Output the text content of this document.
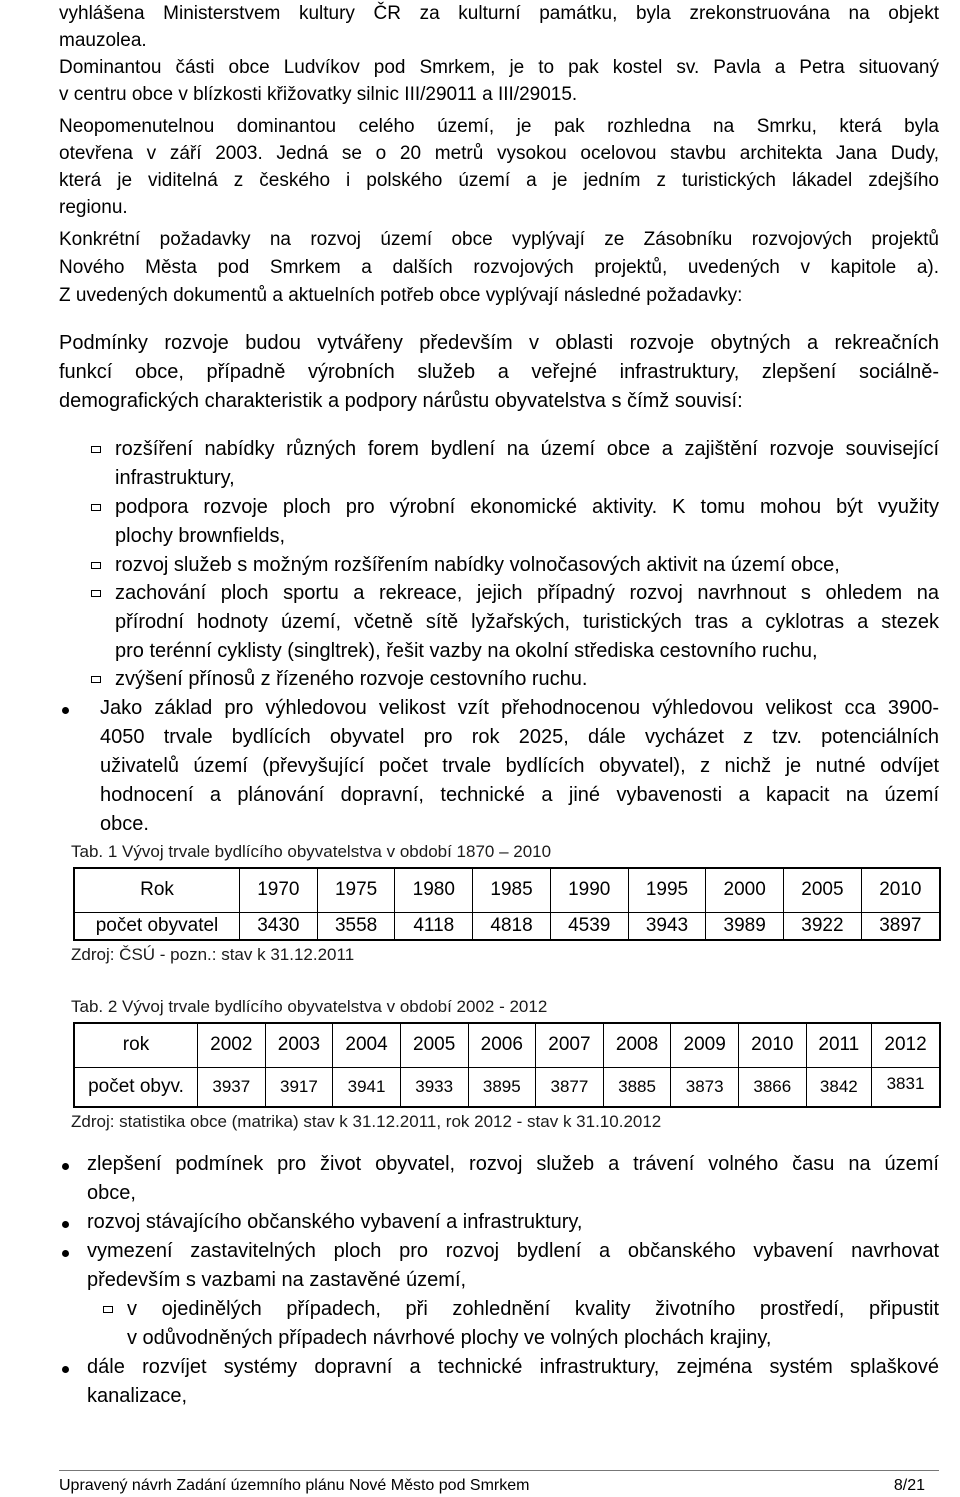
vyhlášena Ministerstvem kultury ČR za kulturní památku, byla zrekonstruována na objekt
mauzolea.
Dominantou části obce Ludvíkov pod Smrkem, je to pak kostel sv. Pavla a Petra situovaný
v centru obce v blízkosti křižovatky silnic III/29011 a III/29015.
Neopomenutelnou dominantou celého území, je pak rozhledna na Smrku, která byla
otevřena v září 2003. Jedná se o 20 metrů vysokou ocelovou stavbu architekta Jana Dudy,
která je viditelná z českého i polského území a je jedním z turistických lákadel zdejšího
regionu.
Konkrétní požadavky na rozvoj území obce vyplývají ze Zásobníku rozvojových projektů
Nového Města pod Smrkem a dalších rozvojových projektů, uvedených v kapitole a).
Z uvedených dokumentů a aktuelních potřeb obce vyplývají následné požadavky:
Podmínky rozvoje budou vytvářeny především v oblasti rozvoje obytných a rekreačních
funkcí obce, případně výrobních služeb a veřejné infrastruktury, zlepšení sociálně-
demografických charakteristik a podpory nárůstu obyvatelstva s čímž souvisí:
rozšíření nabídky různých forem bydlení na území obce a zajištění rozvoje související
infrastruktury,
podpora rozvoje ploch pro výrobní ekonomické aktivity. K tomu mohou být využity
plochy brownfields,
rozvoj služeb s možným rozšířením nabídky volnočasových aktivit na území obce,
zachování ploch sportu a rekreace, jejich případný rozvoj navrhnout s ohledem na
přírodní hodnoty území, včetně sítě lyžařských, turistických tras a cyklotras a stezek
pro terénní cyklisty (singltrek), řešit vazby na okolní střediska cestovního ruchu,
zvýšení přínosů z řízeného rozvoje cestovního ruchu.
Jako základ pro výhledovou velikost vzít přehodnocenou výhledovou velikost cca 3900-
4050 trvale bydlících obyvatel pro rok 2025, dále vycházet z tzv. potenciálních
uživatelů území (převyšující počet trvale bydlících obyvatel), z nichž je nutné odvíjet
hodnocení a plánování dopravní, technické a jiné vybavenosti a kapacit na území
obce.
Tab. 1 Vývoj trvale bydlícího obyvatelstva v období 1870 – 2010
Rok	1970	1975	1980	1985	1990	1995	2000	2005	2010
počet obyvatel	3430	3558	4118	4818	4539	3943	3989	3922	3897
Zdroj: ČSÚ - pozn.: stav k 31.12.2011
Tab. 2 Vývoj trvale bydlícího obyvatelstva v období 2002 - 2012
rok	2002	2003	2004	2005	2006	2007	2008	2009	2010	2011	2012
počet obyv.	3937	3917	3941	3933	3895	3877	3885	3873	3866	3842	3831
Zdroj: statistika obce (matrika) stav k 31.12.2011, rok 2012 - stav k 31.10.2012
zlepšení podmínek pro život obyvatel, rozvoj služeb a trávení volného času na území
obce,
rozvoj stávajícího občanského vybavení a infrastruktury,
vymezení zastavitelných ploch pro rozvoj bydlení a občanského vybavení navrhovat
především s vazbami na zastavěné území,
v ojedinělých případech, při zohlednění kvality životního prostředí, připustit
v odůvodněných případech návrhové plochy ve volných plochách krajiny,
dále rozvíjet systémy dopravní a technické infrastruktury, zejména systém splaškové
kanalizace,
Upravený návrh Zadání územního plánu Nové Město pod Smrkem	8/21
